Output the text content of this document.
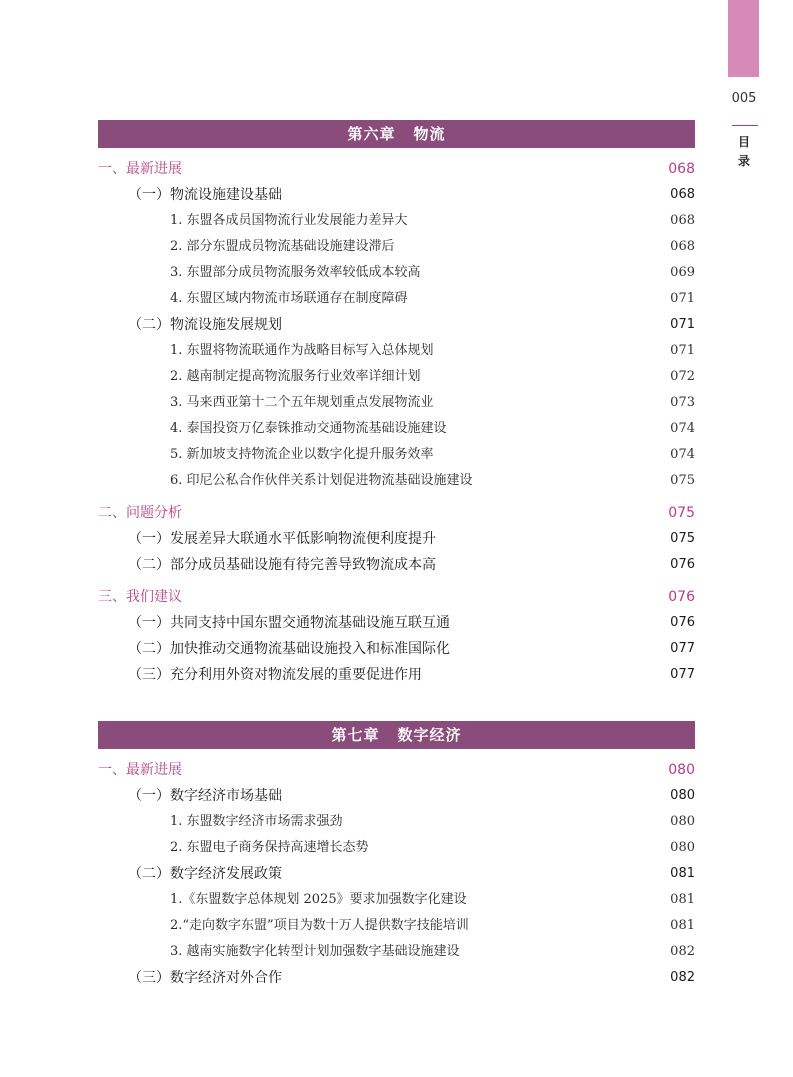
005
目
录
第六章 物流
一、最新进展	068
（一）物流设施建设基础	068
1. 东盟各成员国物流行业发展能力差异大	068
2. 部分东盟成员物流基础设施建设滞后	068
3. 东盟部分成员物流服务效率较低成本较高	069
4. 东盟区域内物流市场联通存在制度障碍	071
（二）物流设施发展规划	071
1. 东盟将物流联通作为战略目标写入总体规划	071
2. 越南制定提高物流服务行业效率详细计划	072
3. 马来西亚第十二个五年规划重点发展物流业	073
4. 泰国投资万亿泰铢推动交通物流基础设施建设	074
5. 新加坡支持物流企业以数字化提升服务效率	074
6. 印尼公私合作伙伴关系计划促进物流基础设施建设	075
二、问题分析	075
（一）发展差异大联通水平低影响物流便利度提升	075
（二）部分成员基础设施有待完善导致物流成本高	076
三、我们建议	076
（一）共同支持中国东盟交通物流基础设施互联互通	076
（二）加快推动交通物流基础设施投入和标准国际化	077
（三）充分利用外资对物流发展的重要促进作用	077
第七章 数字经济
一、最新进展	080
（一）数字经济市场基础	080
1. 东盟数字经济市场需求强劲	080
2. 东盟电子商务保持高速增长态势	080
（二）数字经济发展政策	081
1.《东盟数字总体规划 2025》要求加强数字化建设	081
2.“走向数字东盟”项目为数十万人提供数字技能培训	081
3. 越南实施数字化转型计划加强数字基础设施建设	082
（三）数字经济对外合作	082
